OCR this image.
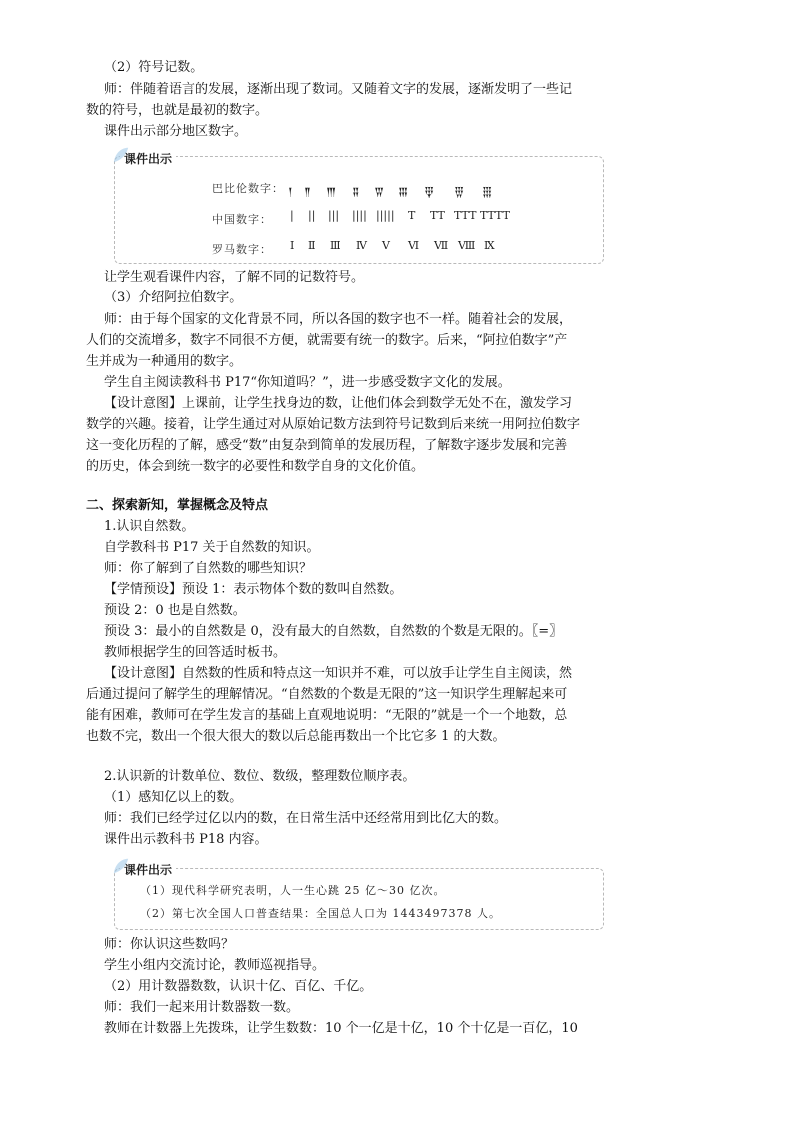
（2）符号记数。
师：伴随着语言的发展，逐渐出现了数词。又随着文字的发展，逐渐发明了一些记
数的符号，也就是最初的数字。
课件出示部分地区数字。
课件出示
巴比伦数字： 𒁹 𒈫 𒐈 𒐉 𒐊 𒐋 𒑂 𒑄 𒑆
中国数字： | || ||| |||| ||||| T TT TTT TTTT
罗马数字： Ⅰ Ⅱ Ⅲ Ⅳ Ⅴ Ⅵ Ⅶ Ⅷ Ⅸ
让学生观看课件内容，了解不同的记数符号。
（3）介绍阿拉伯数字。
师：由于每个国家的文化背景不同，所以各国的数字也不一样。随着社会的发展，
人们的交流增多，数字不同很不方便，就需要有统一的数字。后来，“阿拉伯数字”产
生并成为一种通用的数字。
学生自主阅读教科书 P17“你知道吗？”，进一步感受数字文化的发展。
【设计意图】上课前，让学生找身边的数，让他们体会到数学无处不在，激发学习
数学的兴趣。接着，让学生通过对从原始记数方法到符号记数到后来统一用阿拉伯数字
这一变化历程的了解，感受“数”由复杂到简单的发展历程，了解数字逐步发展和完善
的历史，体会到统一数字的必要性和数学自身的文化价值。
二、探索新知，掌握概念及特点
1.认识自然数。
自学教科书 P17 关于自然数的知识。
师：你了解到了自然数的哪些知识？
【学情预设】预设 1：表示物体个数的数叫自然数。
预设 2：0 也是自然数。
预设 3：最小的自然数是 0，没有最大的自然数，自然数的个数是无限的。〖=〗
教师根据学生的回答适时板书。
【设计意图】自然数的性质和特点这一知识并不难，可以放手让学生自主阅读，然
后通过提问了解学生的理解情况。“自然数的个数是无限的”这一知识学生理解起来可
能有困难，教师可在学生发言的基础上直观地说明：“无限的”就是一个一个地数，总
也数不完，数出一个很大很大的数以后总能再数出一个比它多 1 的大数。
2.认识新的计数单位、数位、数级，整理数位顺序表。
（1）感知亿以上的数。
师：我们已经学过亿以内的数，在日常生活中还经常用到比亿大的数。
课件出示教科书 P18 内容。
课件出示
（1）现代科学研究表明，人一生心跳 25 亿～30 亿次。
（2）第七次全国人口普查结果：全国总人口为 1443497378 人。
师：你认识这些数吗？
学生小组内交流讨论，教师巡视指导。
（2）用计数器数数，认识十亿、百亿、千亿。
师：我们一起来用计数器数一数。
教师在计数器上先拨珠，让学生数数：10 个一亿是十亿，10 个十亿是一百亿，10
